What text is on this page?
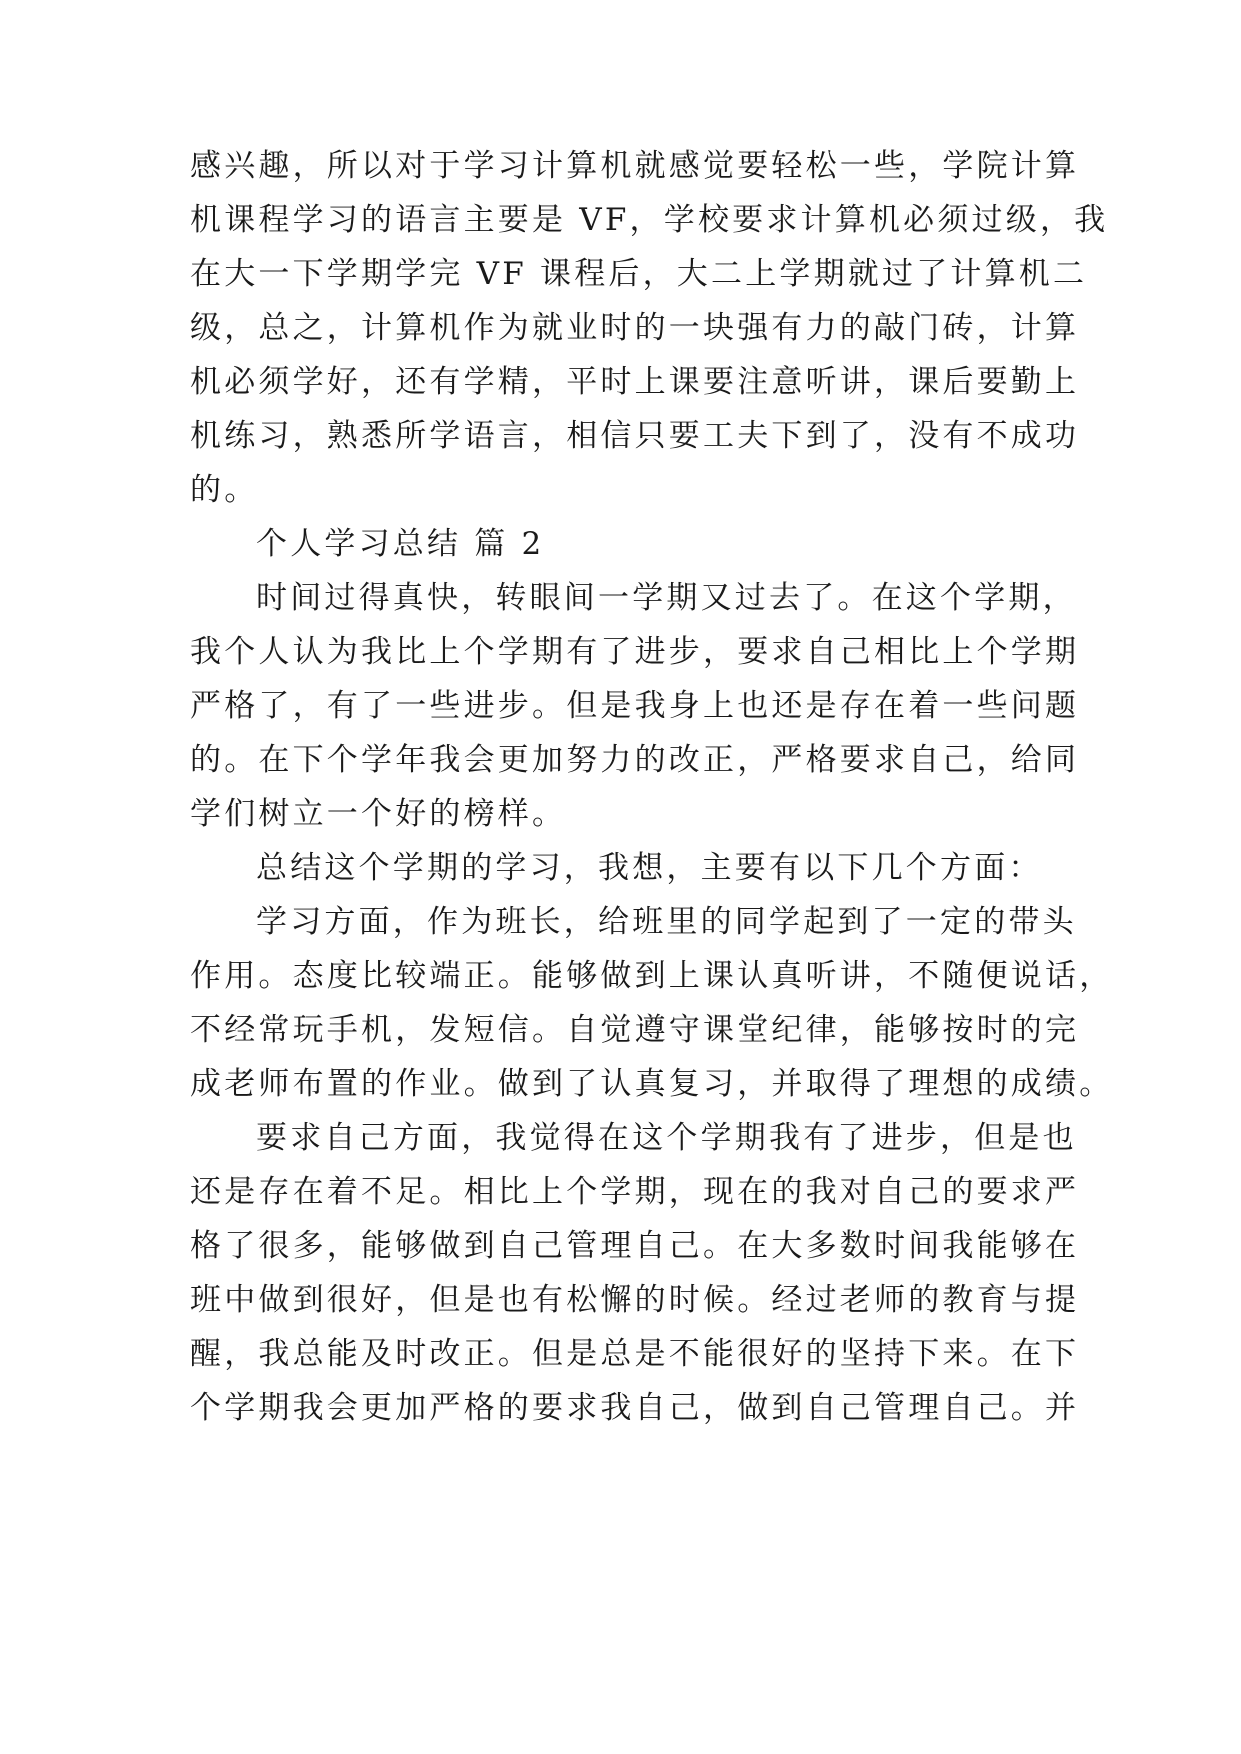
感兴趣，所以对于学习计算机就感觉要轻松一些，学院计算
机课程学习的语言主要是 VF，学校要求计算机必须过级，我
在大一下学期学完 VF 课程后，大二上学期就过了计算机二
级，总之，计算机作为就业时的一块强有力的敲门砖，计算
机必须学好，还有学精，平时上课要注意听讲，课后要勤上
机练习，熟悉所学语言，相信只要工夫下到了，没有不成功
的。
个人学习总结 篇 2
时间过得真快，转眼间一学期又过去了。在这个学期，
我个人认为我比上个学期有了进步，要求自己相比上个学期
严格了，有了一些进步。但是我身上也还是存在着一些问题
的。在下个学年我会更加努力的改正，严格要求自己，给同
学们树立一个好的榜样。
总结这个学期的学习，我想，主要有以下几个方面：
学习方面，作为班长，给班里的同学起到了一定的带头
作用。态度比较端正。能够做到上课认真听讲，不随便说话，
不经常玩手机，发短信。自觉遵守课堂纪律，能够按时的完
成老师布置的作业。做到了认真复习，并取得了理想的成绩。
要求自己方面，我觉得在这个学期我有了进步，但是也
还是存在着不足。相比上个学期，现在的我对自己的要求严
格了很多，能够做到自己管理自己。在大多数时间我能够在
班中做到很好，但是也有松懈的时候。经过老师的教育与提
醒，我总能及时改正。但是总是不能很好的坚持下来。在下
个学期我会更加严格的要求我自己，做到自己管理自己。并
